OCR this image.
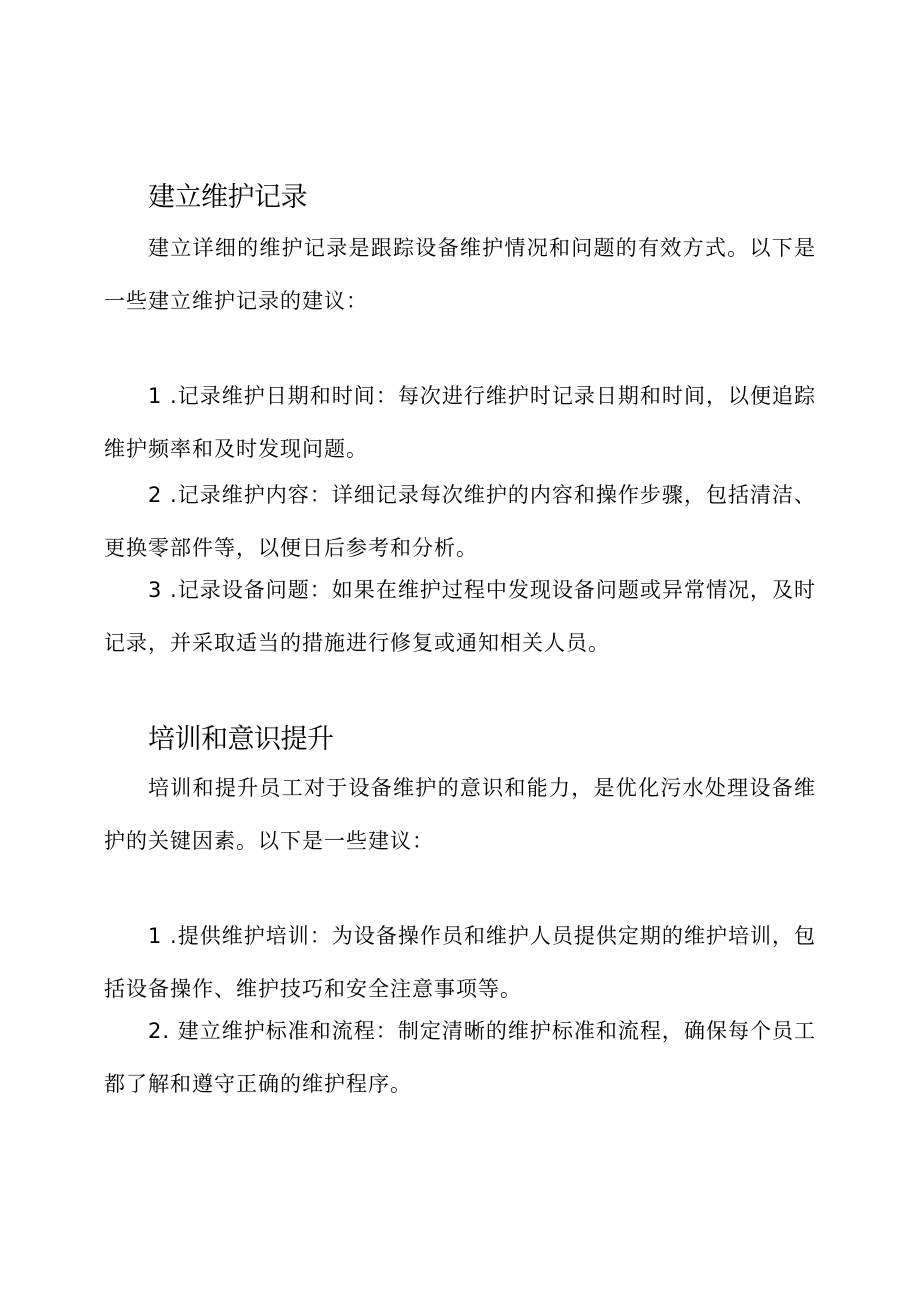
建立维护记录

建立详细的维护记录是跟踪设备维护情况和问题的有效方式。以下是一些建立维护记录的建议：

1 .记录维护日期和时间：每次进行维护时记录日期和时间，以便追踪维护频率和及时发现问题。

2 .记录维护内容：详细记录每次维护的内容和操作步骤，包括清洁、更换零部件等，以便日后参考和分析。

3 .记录设备问题：如果在维护过程中发现设备问题或异常情况，及时记录，并采取适当的措施进行修复或通知相关人员。

培训和意识提升

培训和提升员工对于设备维护的意识和能力，是优化污水处理设备维护的关键因素。以下是一些建议：

1 .提供维护培训：为设备操作员和维护人员提供定期的维护培训，包括设备操作、维护技巧和安全注意事项等。

2. 建立维护标准和流程：制定清晰的维护标准和流程，确保每个员工都了解和遵守正确的维护程序。
